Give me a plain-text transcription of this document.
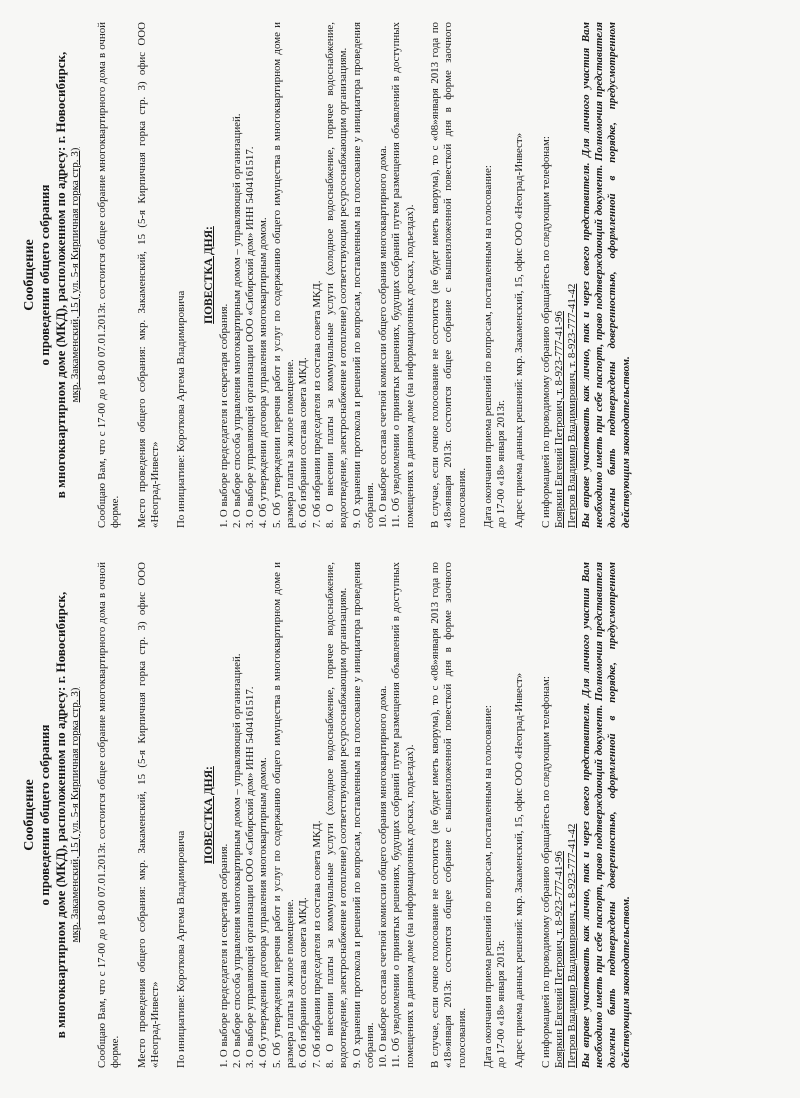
Сообщение о проведении общего собрания в многоквартирном доме (МКД), расположенном по адресу: г. Новосибирск, мкр. Закаменский, 15 ( ул. 5-я Кирпичная горка стр. 3) Сообщаю Вам, что с 17-00 до 18-00 07.01.2013г. состоится общее собрание многоквартирного дома в очной форме. Место проведения общего собрания: мкр. Закаменский, 15 (5-я Кирпичная горка стр. 3) офис ООО «Неоград-Инвест» По инициативе: Короткова Артема Владимировича

ПОВЕСТКА ДНЯ:
1. О выборе председателя и секретаря собрания. 2. О выборе способа управления многоквартирным домом – управляющей организацией. 3. О выборе управляющей организации ООО «Сибирский дом» ИНН 5404161517. 4. Об утверждении договора управления многоквартирным домом. 5. Об утверждении перечня работ и услуг по содержанию общего имущества в многоквартирном доме и размера платы за жилое помещение. 6. Об избрании состава совета МКД. 7. Об избрании председателя из состава совета МКД. 8. О внесении платы за коммунальные услуги (холодное водоснабжение, горячее водоснабжение, водоотведение, электроснабжение и отопление) соответствующим ресурсоснабжающим организациям. 9. О хранении протокола и решений по вопросам, поставленным на голосование у инициатора проведения собрания. 10. О выборе состава счетной комиссии общего собрания многоквартирного дома. 11. Об уведомлении о принятых решениях, будущих собраний путем размещения объявлений в доступных помещениях в данном доме (на информационных досках, подъездах). В случае, если очное голосование не состоится (не будет иметь кворума), то с «08»января 2013 года по «18»января 2013г. состоится общее собрание с вышеизложенной повесткой дня в форме заочного голосования. Дата окончания приема решений по вопросам, поставленным на голосование: до 17-00 «18» января 2013г. Адрес приема данных решений: мкр. Закаменский, 15, офис ООО «Неоград-Инвест» С информацией по проводимому собранию обращайтесь по следующим телефонам: Бояркин Евгений Петрович, т. 8-923-777-41-96 Петров Владимир Владимирович, т. 8-923-777-41-42 Вы вправе участвовать как лично, так и через своего представителя. Для личного участия Вам необходимо иметь при себе паспорт, право подтверждающий документ. Полномочия представителя должны быть подтверждены доверенностью, оформленной в порядке, предусмотренном действующим законодательством.
Сообщение о проведении общего собрания в многоквартирном доме (МКД), расположенном по адресу: г. Новосибирск, мкр. Закаменский, 15 ( ул. 5-я Кирпичная горка стр. 3) Сообщаю Вам, что с 17-00 до 18-00 07.01.2013г. состоится общее собрание многоквартирного дома в очной форме. Место проведения общего собрания: мкр. Закаменский, 15 (5-я Кирпичная горка стр. 3) офис ООО «Неоград-Инвест» По инициативе: Короткова Артема Владимировича

ПОВЕСТКА ДНЯ:
1. О выборе председателя и секретаря собрания. 2. О выборе способа управления многоквартирным домом – управляющей организацией. 3. О выборе управляющей организации ООО «Сибирский дом» ИНН 5404161517. 4. Об утверждении договора управления многоквартирным домом. 5. Об утверждении перечня работ и услуг по содержанию общего имущества в многоквартирном доме и размера платы за жилое помещение. 6. Об избрании состава совета МКД. 7. Об избрании председателя из состава совета МКД. 8. О внесении платы за коммунальные услуги (холодное водоснабжение, горячее водоснабжение, водоотведение, электроснабжение и отопление) соответствующим ресурсоснабжающим организациям. 9. О хранении протокола и решений по вопросам, поставленным на голосование у инициатора проведения собрания. 10. О выборе состава счетной комиссии общего собрания многоквартирного дома. 11. Об уведомлении о принятых решениях, будущих собраний путем размещения объявлений в доступных помещениях в данном доме (на информационных досках, подъездах). В случае, если очное голосование не состоится (не будет иметь кворума), то с «08»января 2013 года по «18»января 2013г. состоится общее собрание с вышеизложенной повесткой дня в форме заочного голосования. Дата окончания приема решений по вопросам, поставленным на голосование: до 17-00 «18» января 2013г. Адрес приема данных решений: мкр. Закаменский, 15, офис ООО «Неоград-Инвест» С информацией по проводимому собранию обращайтесь по следующим телефонам: Бояркин Евгений Петрович, т. 8-923-777-41-96 Петров Владимир Владимирович, т. 8-923-777-41-42 Вы вправе участвовать как лично, так и через своего представителя. Для личного участия Вам необходимо иметь при себе паспорт, право подтверждающий документ. Полномочия представителя должны быть подтверждены доверенностью, оформленной в порядке, предусмотренном действующим законодательством.
